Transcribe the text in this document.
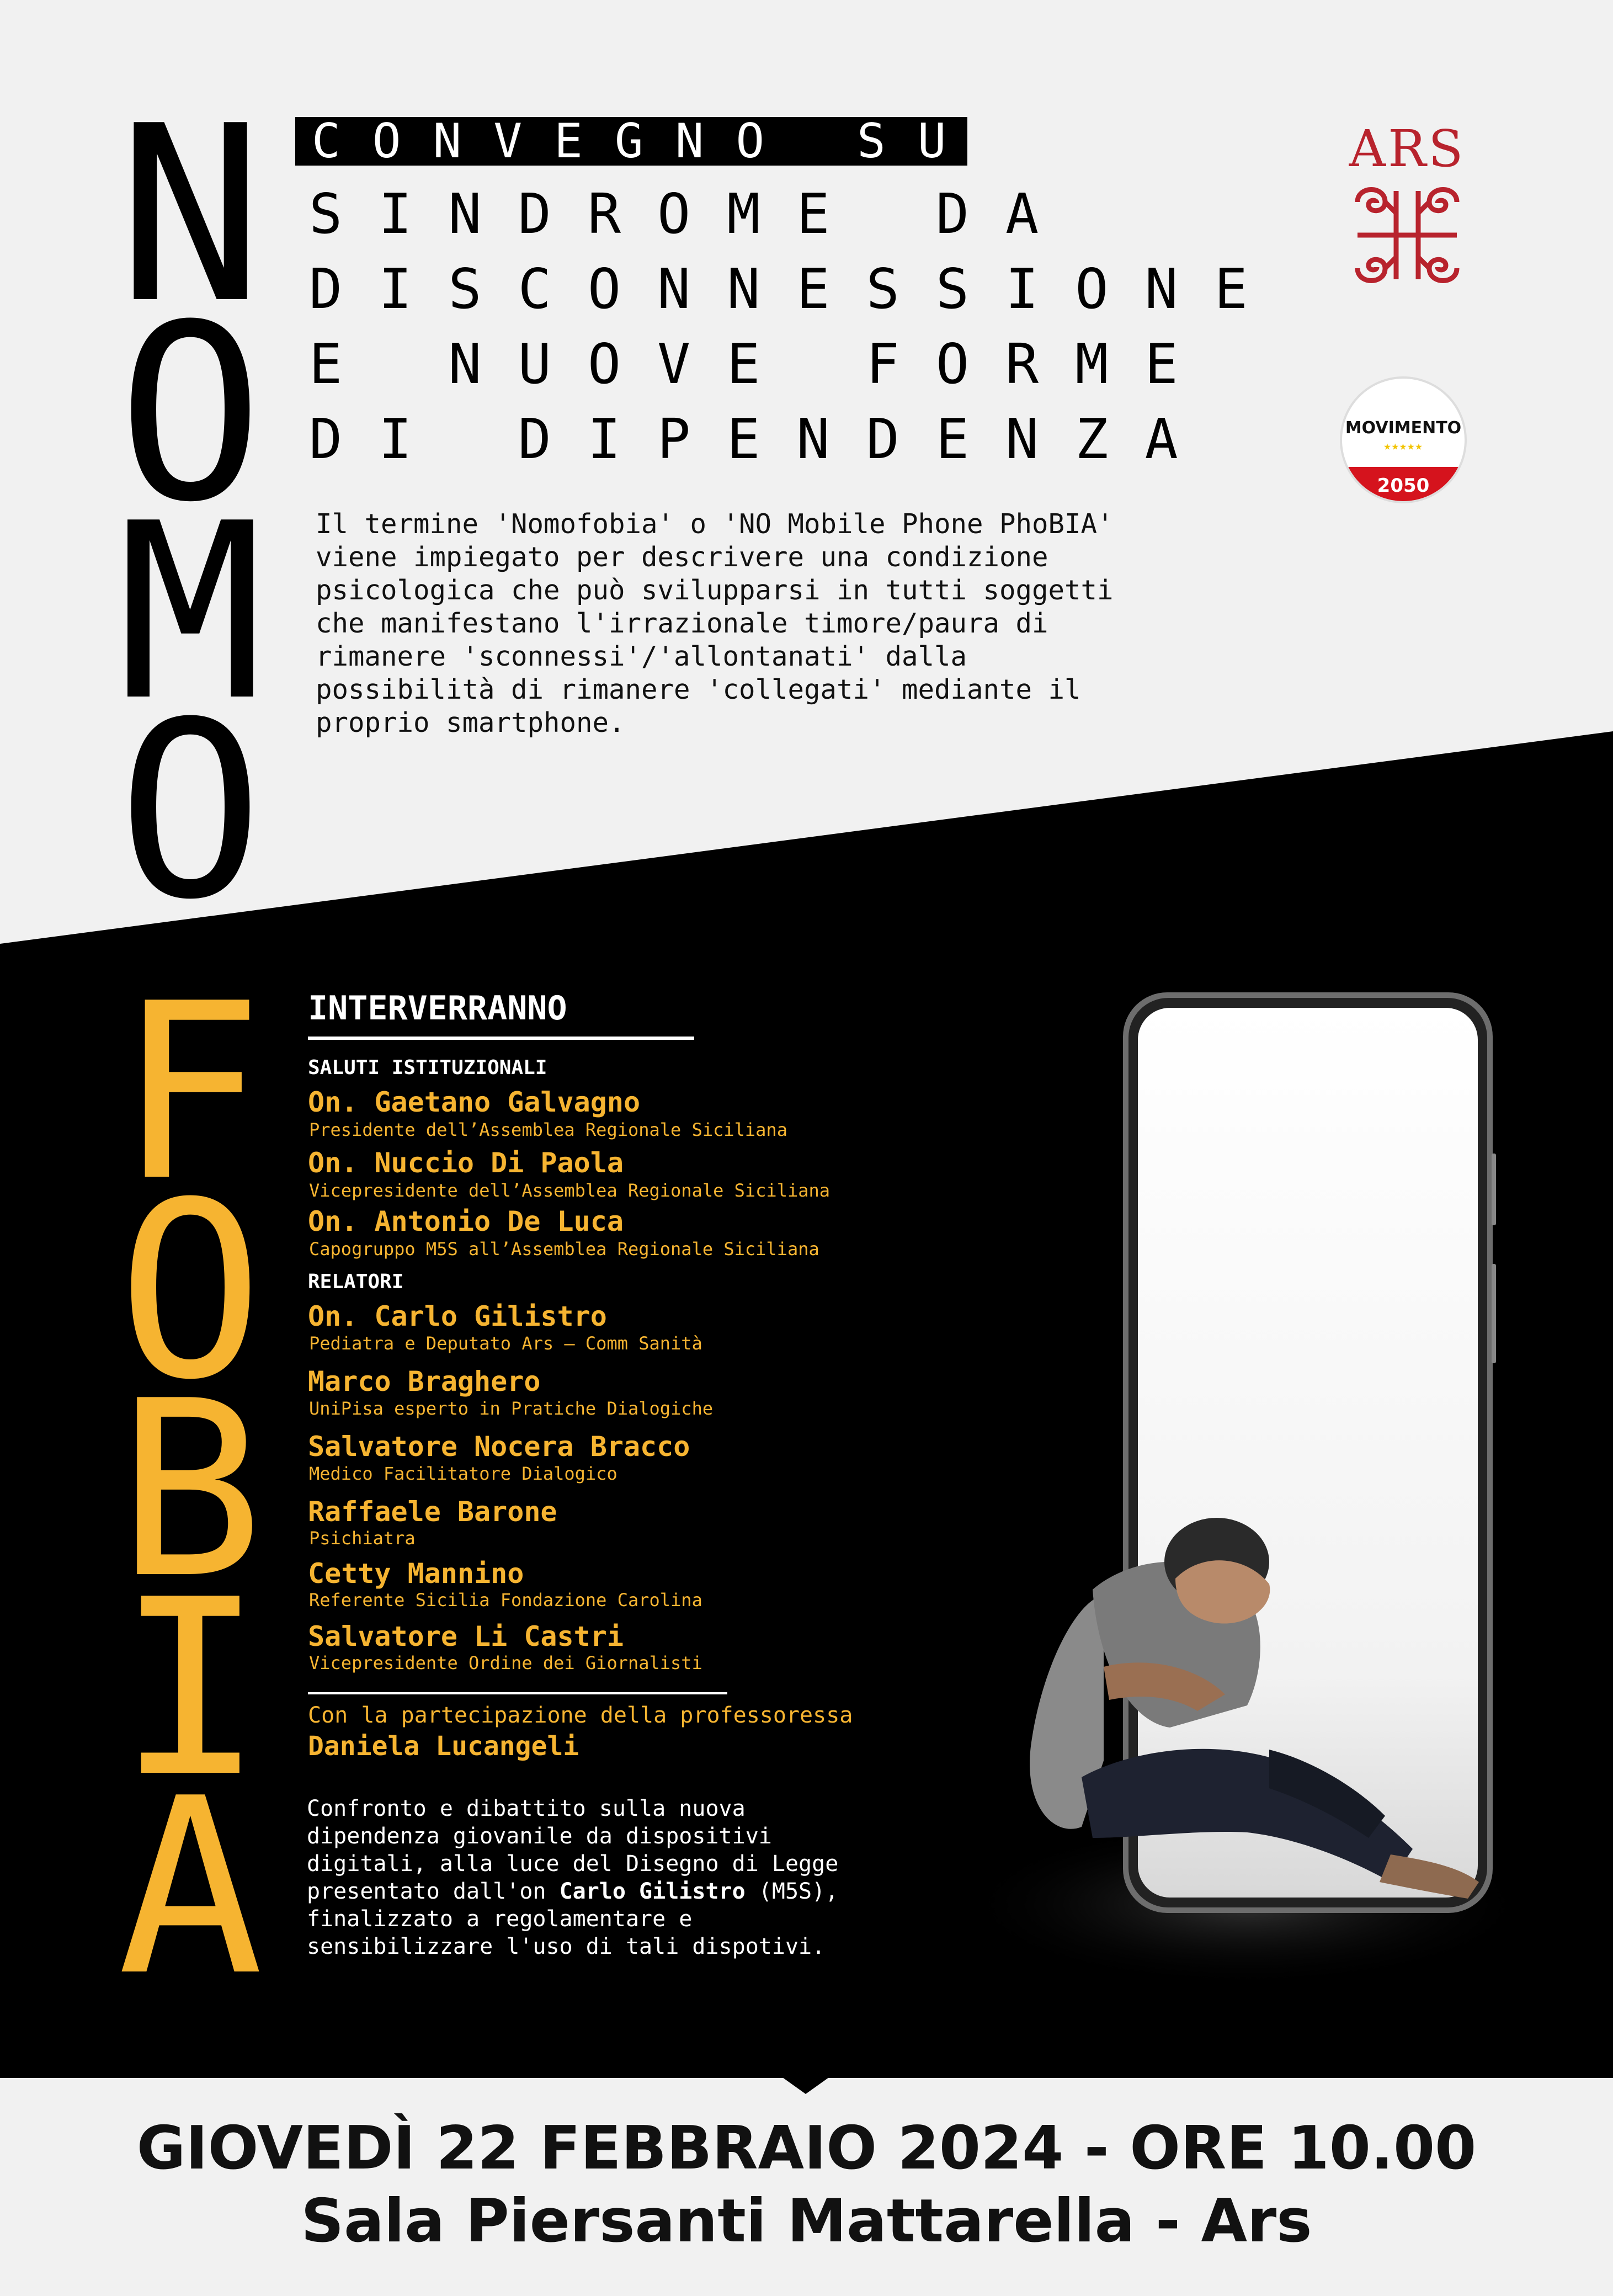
N
O
M
O
F
O
B
I
A
CONVEGNO SU
SINDROME DA
DISCONNESSIONE
E NUOVE FORME
DI DIPENDENZA
Il termine 'Nomofobia' o 'NO Mobile Phone PhoBIA'
viene impiegato per descrivere una condizione
psicologica che può svilupparsi in tutti soggetti
che manifestano l'irrazionale timore/paura di
rimanere 'sconnessi'/'allontanati' dalla
possibilità di rimanere 'collegati' mediante il
proprio smartphone.
ARS
MOVIMENTO
★★★★★
2050
INTERVERRANNO
SALUTI ISTITUZIONALI
On. Gaetano Galvagno
Presidente dell’Assemblea Regionale Siciliana
On. Nuccio Di Paola
Vicepresidente dell’Assemblea Regionale Siciliana
On. Antonio De Luca
Capogruppo M5S all’Assemblea Regionale Siciliana
RELATORI
On. Carlo Gilistro
Pediatra e Deputato Ars – Comm Sanità
Marco Braghero
UniPisa esperto in Pratiche Dialogiche
Salvatore Nocera Bracco
Medico Facilitatore Dialogico
Raffaele Barone
Psichiatra
Cetty Mannino
Referente Sicilia Fondazione Carolina
Salvatore Li Castri
Vicepresidente Ordine dei Giornalisti
Con la partecipazione della professoressa
Daniela Lucangeli
Confronto e dibattito sulla nuova
dipendenza giovanile da dispositivi
digitali, alla luce del Disegno di Legge
presentato dall'on Carlo Gilistro (M5S),
finalizzato a regolamentare e
sensibilizzare l'uso di tali dispotivi.
GIOVEDÌ 22 FEBBRAIO 2024 - ORE 10.00
Sala Piersanti Mattarella - Ars
